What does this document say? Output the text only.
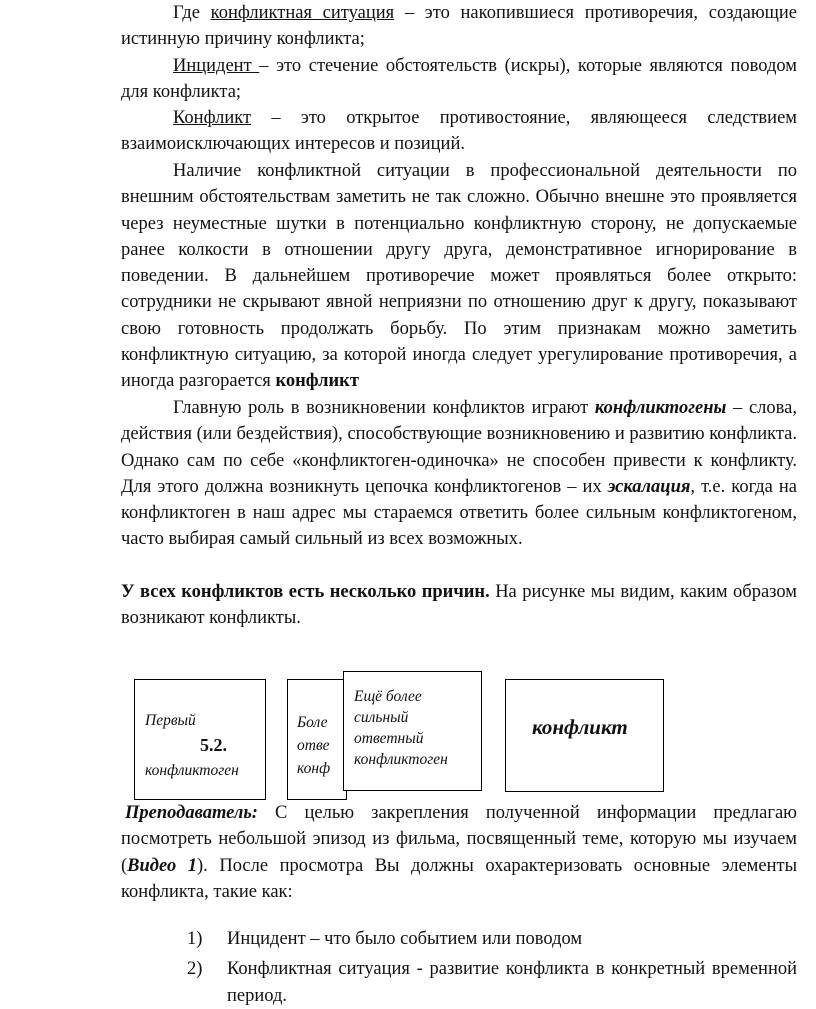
Где конфликтная ситуация – это накопившиеся противоречия, создающие истинную причину конфликта;

Инцидент – это стечение обстоятельств (искры), которые являются поводом для конфликта;

Конфликт – это открытое противостояние, являющееся следствием взаимоисключающих интересов и позиций.

Наличие конфликтной ситуации в профессиональной деятельности по внешним обстоятельствам заметить не так сложно. Обычно внешне это проявляется через неуместные шутки в потенциально конфликтную сторону, не допускаемые ранее колкости в отношении другу друга, демонстративное игнорирование в поведении. В дальнейшем противоречие может проявляться более открыто: сотрудники не скрывают явной неприязни по отношению друг к другу, показывают свою готовность продолжать борьбу. По этим признакам можно заметить конфликтную ситуацию, за которой иногда следует урегулирование противоречия, а иногда разгорается конфликт

Главную роль в возникновении конфликтов играют конфликтогены – слова, действия (или бездействия), способствующие возникновению и развитию конфликта. Однако сам по себе «конфликтоген-одиночка» не способен привести к конфликту. Для этого должна возникнуть цепочка конфликтогенов – их эскалация, т.е. когда на конфликтоген в наш адрес мы стараемся ответить более сильным конфликтогеном, часто выбирая самый сильный из всех возможных.

У всех конфликтов есть несколько причин. На рисунке мы видим, каким образом возникают конфликты.

Первый
5.2.
конфликтоген
Боле
отве
конф
Ещё более
сильный
ответный
конфликтоген
конфликт

Преподаватель: С целью закрепления полученной информации предлагаю посмотреть небольшой эпизод из фильма, посвященный теме, которую мы изучаем (Видео 1). После просмотра Вы должны охарактеризовать основные элементы конфликта, такие как:

1) Инцидент – что было событием или поводом
2) Конфликтная ситуация - развитие конфликта в конкретный временной период.
